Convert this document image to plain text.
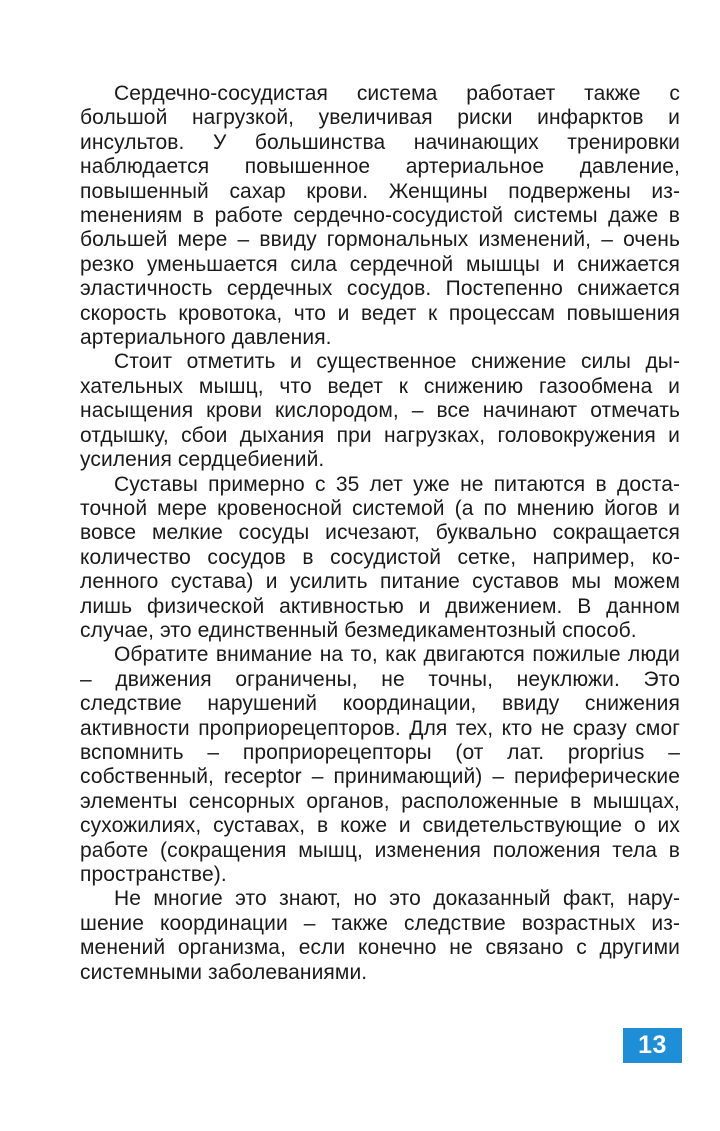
Сердечно-сосудистая система работает также с большой нагрузкой, увеличивая риски инфарктов и инсультов. У большинства начинающих тренировки наблюдается повышенное артериальное давление, повышенный сахар крови. Женщины подвержены изmенениям в работе сердечно-сосудистой системы даже в большей мере – ввиду гормональных изменений, – очень резко уменьшается сила сердечной мышцы и снижается эластичность сердечных сосудов. Постепенно снижается скорость кровотока, что и ведет к процессам повышения артериального давления.

Стоит отметить и существенное снижение силы дыхательных мышц, что ведет к снижению газообмена и насыщения крови кислородом, – все начинают отмечать отдышку, сбои дыхания при нагрузках, головокружения и усиления сердцебиений.

Суставы примерно с 35 лет уже не питаются в достаточной мере кровеносной системой (а по мнению йогов и вовсе мелкие сосуды исчезают, буквально сокращается количество сосудов в сосудистой сетке, например, коленного сустава) и усилить питание суставов мы можем лишь физической активностью и движением. В данном случае, это единственный безмедикаментозный способ.

Обратите внимание на то, как двигаются пожилые люди – движения ограничены, не точны, неуклюжи. Это следствие нарушений координации, ввиду снижения активности проприорецепторов. Для тех, кто не сразу смог вспомнить – проприорецепторы (от лат. proprius – собственный, receptor – принимающий) – периферические элементы сенсорных органов, расположенные в мышцах, сухожилиях, суставах, в коже и свидетельствующие о их работе (сокращения мышц, изменения положения тела в пространстве).

Не многие это знают, но это доказанный факт, нарушение координации – также следствие возрастных изменений организма, если конечно не связано с другими системными заболеваниями.

13
